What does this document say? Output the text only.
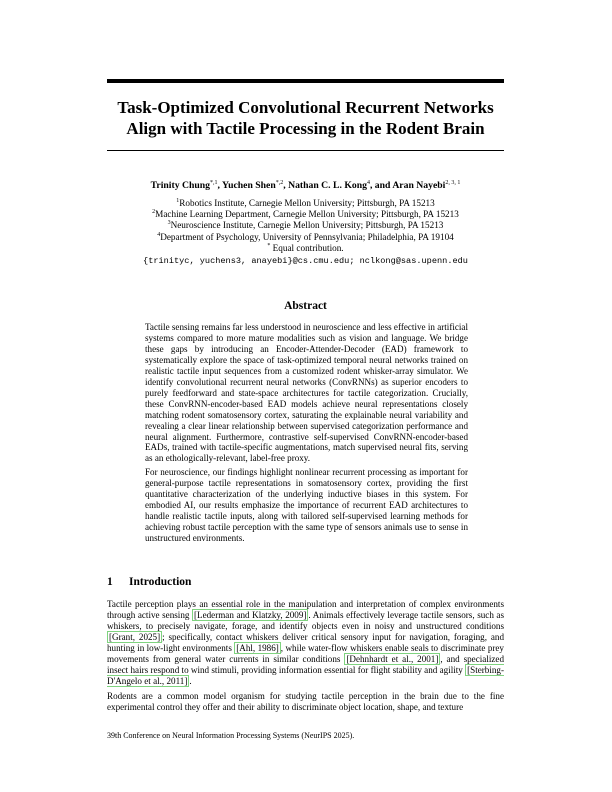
Task-Optimized Convolutional Recurrent Networks
Align with Tactile Processing in the Rodent Brain
Trinity Chung$^{*,1}$, Yuchen Shen$^{*,2}$, Nathan C. L. Kong$^4$, and Aran Nayebi$^{2, 3, 1}$
$^1$Robotics Institute, Carnegie Mellon University; Pittsburgh, PA 15213
$^2$Machine Learning Department, Carnegie Mellon University; Pittsburgh, PA 15213
$^3$Neuroscience Institute, Carnegie Mellon University; Pittsburgh, PA 15213
$^4$Department of Psychology, University of Pennsylvania; Philadelphia, PA 19104
* Equal contribution.
{trinityc, yuchens3, anayebi}@cs.cmu.edu; nclkong@sas.upenn.edu
Abstract

Tactile sensing remains far less understood in neuroscience and less effective in artificial systems compared to more mature modalities such as vision and language. We bridge these gaps by introducing an Encoder-Attender-Decoder (EAD) framework to systematically explore the space of task-optimized temporal neural networks trained on realistic tactile input sequences from a customized rodent whisker-array simulator. We identify convolutional recurrent neural networks (ConvRNNs) as superior encoders to purely feedforward and state-space architectures for tactile categorization. Crucially, these ConvRNN-encoder-based EAD models achieve neural representations closely matching rodent somatosensory cortex, saturating the explainable neural variability and revealing a clear linear relationship between supervised categorization performance and neural alignment. Furthermore, contrastive self-supervised ConvRNN-encoder-based EADs, trained with tactile-specific augmentations, match supervised neural fits, serving as an ethologically-relevant, label-free proxy.

For neuroscience, our findings highlight nonlinear recurrent processing as important for general-purpose tactile representations in somatosensory cortex, providing the first quantitative characterization of the underlying inductive biases in this system. For embodied AI, our results emphasize the importance of recurrent EAD architectures to handle realistic tactile inputs, along with tailored self-supervised learning methods for achieving robust tactile perception with the same type of sensors animals use to sense in unstructured environments.

1 Introduction

Tactile perception plays an essential role in the manipulation and interpretation of complex environments through active sensing [Lederman and Klatzky, 2009] . Animals effectively leverage tactile sensors, such as whiskers, to precisely navigate, forage, and identify objects even in noisy and unstructured conditions [Grant, 2025] ; specifically, contact whiskers deliver critical sensory input for navigation, foraging, and hunting in low-light environments [Ahl, 1986] , while water-flow whiskers enable seals to discriminate prey movements from general water currents in similar conditions [Dehnhardt et al., 2001] , and specialized insect hairs respond to wind stimuli, providing information essential for flight stability and agility [Sterbing-D'Angelo et al., 2011] .

Rodents are a common model organism for studying tactile perception in the brain due to the fine experimental control they offer and their ability to discriminate object location, shape, and texture

39th Conference on Neural Information Processing Systems (NeurIPS 2025).
